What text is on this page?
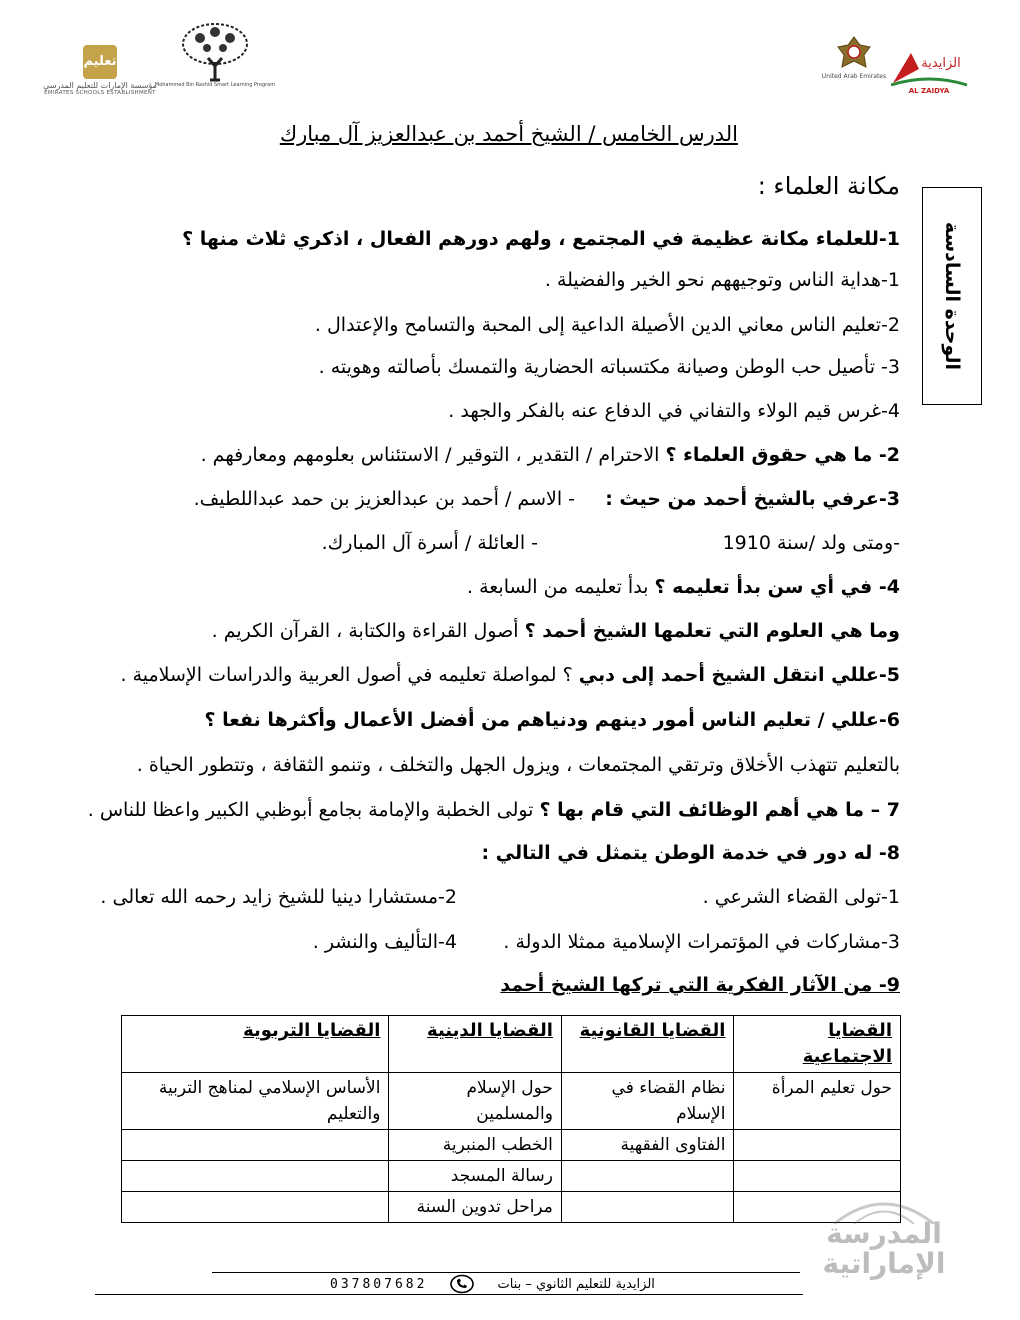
تعليم
مؤسسة الإمارات للتعليم المدرسي
EMIRATES SCHOOLS ESTABLISHMENT
Mohammed Bin Rashid Smart Learning Program
United Arab Emirates
الزايدية
AL ZAIDYA
الدرس الخامس / الشيخ أحمد بن عبدالعزيز آل مبارك
الوحدة السادسة
مكانة العلماء :
1-للعلماء مكانة عظيمة في المجتمع ، ولهم دورهم الفعال ، اذكري ثلاث منها ؟
1-هداية الناس وتوجيههم نحو الخير والفضيلة .
2-تعليم الناس معاني الدين الأصيلة الداعية إلى المحبة والتسامح والإعتدال .
3- تأصيل حب الوطن وصيانة مكتسباته الحضارية والتمسك بأصالته وهويته .
4-غرس قيم الولاء والتفاني في الدفاع عنه بالفكر والجهد .
2- ما هي حقوق العلماء ؟ الاحترام / التقدير ، التوقير / الاستئناس بعلومهم ومعارفهم .
3-عرفي بالشيخ أحمد من حيث :     - الاسم / أحمد بن عبدالعزيز بن حمد عبداللطيف.
-ومتى ولد /سنة 1910
- العائلة / أسرة آل المبارك.
4- في أي سن بدأ تعليمه ؟ بدأ تعليمه من السابعة .
وما هي العلوم التي تعلمها الشيخ أحمد ؟ أصول القراءة والكتابة ، القرآن الكريم .
5-عللي انتقل الشيخ أحمد إلى دبي ؟ لمواصلة تعليمه في أصول العربية والدراسات الإسلامية .
6-عللي / تعليم الناس أمور دينهم ودنياهم من أفضل الأعمال وأكثرها نفعا ؟
بالتعليم تتهذب الأخلاق وترتقي المجتمعات ، ويزول الجهل والتخلف ، وتنمو الثقافة ، وتتطور الحياة .
7 – ما هي أهم الوظائف التي قام بها ؟ تولى الخطبة والإمامة بجامع أبوظبي الكبير واعظا للناس .
8- له دور في خدمة الوطن يتمثل في التالي :
1-تولى القضاء الشرعي .
2-مستشارا دينيا للشيخ زايد رحمه الله تعالى .
3-مشاركات في المؤتمرات الإسلامية ممثلا الدولة .
4-التأليف والنشر .
9- من الآثار الفكرية التي تركها الشيخ أحمد
القضايا الاجتماعية	القضايا القانونية	القضايا الدينية	القضايا التربوية
حول تعليم المرأة	نظام القضاء في الإسلام	حول الإسلام والمسلمين	الأساس الإسلامي لمناهج التربية والتعليم
	الفتاوى الفقهية	الخطب المنبرية	
		رسالة المسجد	
		مراحل تدوين السنة	
المدرسة
الإماراتية
037807682	الزايدية للتعليم الثانوي – بنات
